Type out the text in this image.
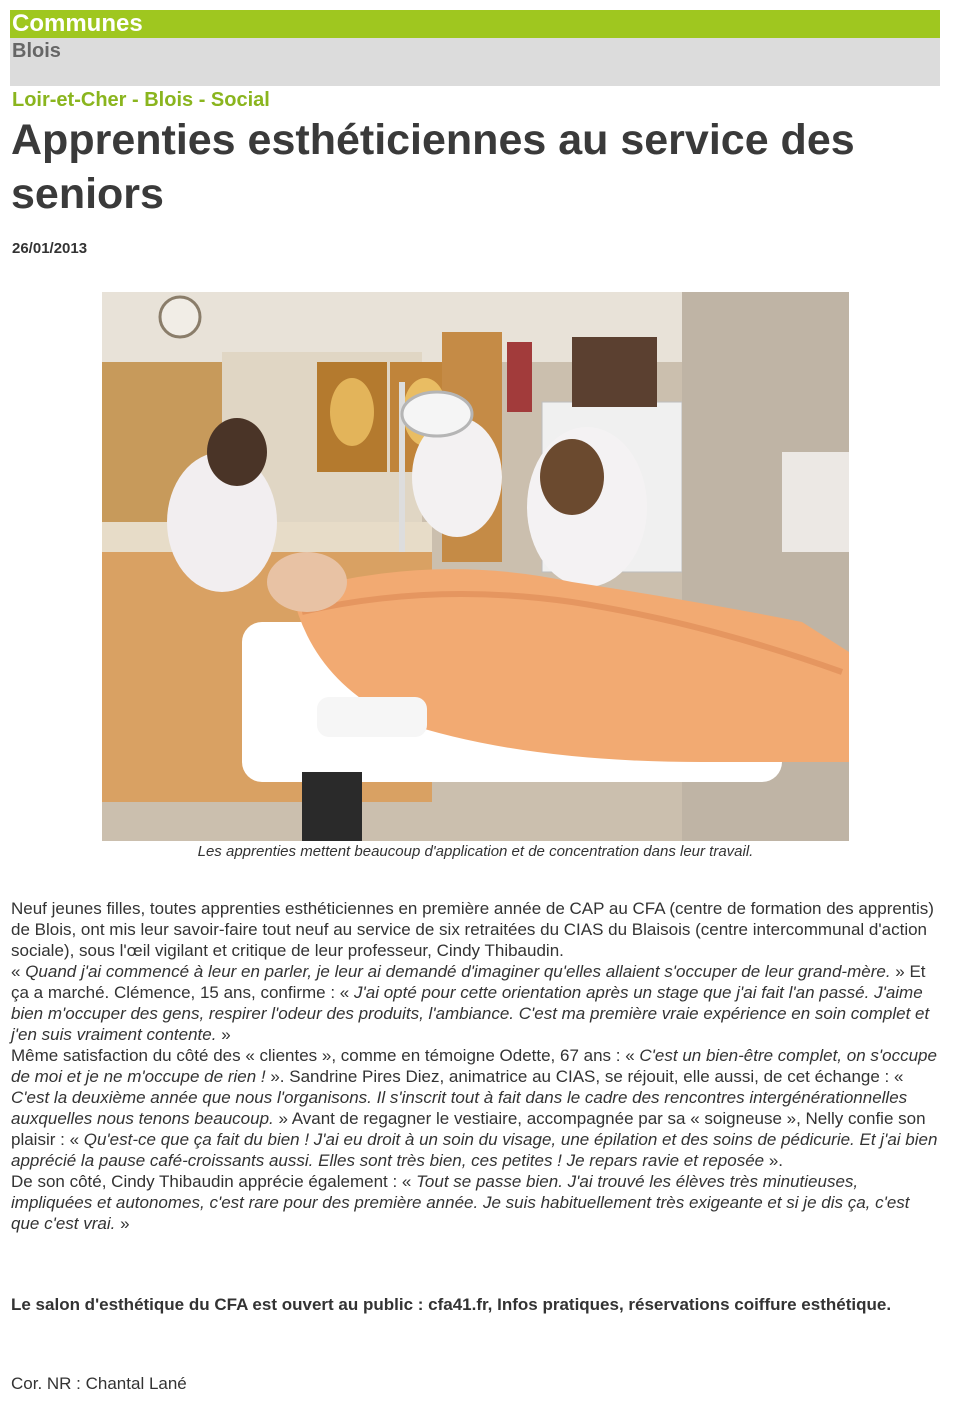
Communes
Blois
Loir-et-Cher - Blois - Social
Apprenties esthéticiennes au service des seniors
26/01/2013
Les apprenties mettent beaucoup d'application et de concentration dans leur travail.

Neuf jeunes filles, toutes apprenties esthéticiennes en première année de CAP au CFA (centre de formation des apprentis) de Blois, ont mis leur savoir-faire tout neuf au service de six retraitées du CIAS du Blaisois (centre intercommunal d'action sociale), sous l'œil vigilant et critique de leur professeur, Cindy Thibaudin.

« Quand j'ai commencé à leur en parler, je leur ai demandé d'imaginer qu'elles allaient s'occuper de leur grand-mère. » Et ça a marché. Clémence, 15 ans, confirme : « J'ai opté pour cette orientation après un stage que j'ai fait l'an passé. J'aime bien m'occuper des gens, respirer l'odeur des produits, l'ambiance. C'est ma première vraie expérience en soin complet et j'en suis vraiment contente. »

Même satisfaction du côté des « clientes », comme en témoigne Odette, 67 ans : « C'est un bien-être complet, on s'occupe de moi et je ne m'occupe de rien ! ». Sandrine Pires Diez, animatrice au CIAS, se réjouit, elle aussi, de cet échange : « C'est la deuxième année que nous l'organisons. Il s'inscrit tout à fait dans le cadre des rencontres intergénérationnelles auxquelles nous tenons beaucoup. » Avant de regagner le vestiaire, accompagnée par sa « soigneuse », Nelly confie son plaisir : « Qu'est-ce que ça fait du bien ! J'ai eu droit à un soin du visage, une épilation et des soins de pédicurie. Et j'ai bien apprécié la pause café-croissants aussi. Elles sont très bien, ces petites ! Je repars ravie et reposée ».

De son côté, Cindy Thibaudin apprécie également : « Tout se passe bien. J'ai trouvé les élèves très minutieuses, impliquées et autonomes, c'est rare pour des première année. Je suis habituellement très exigeante et si je dis ça, c'est que c'est vrai. »

Le salon d'esthétique du CFA est ouvert au public : cfa41.fr, Infos pratiques, réservations coiffure esthétique.
Cor. NR : Chantal Lané
